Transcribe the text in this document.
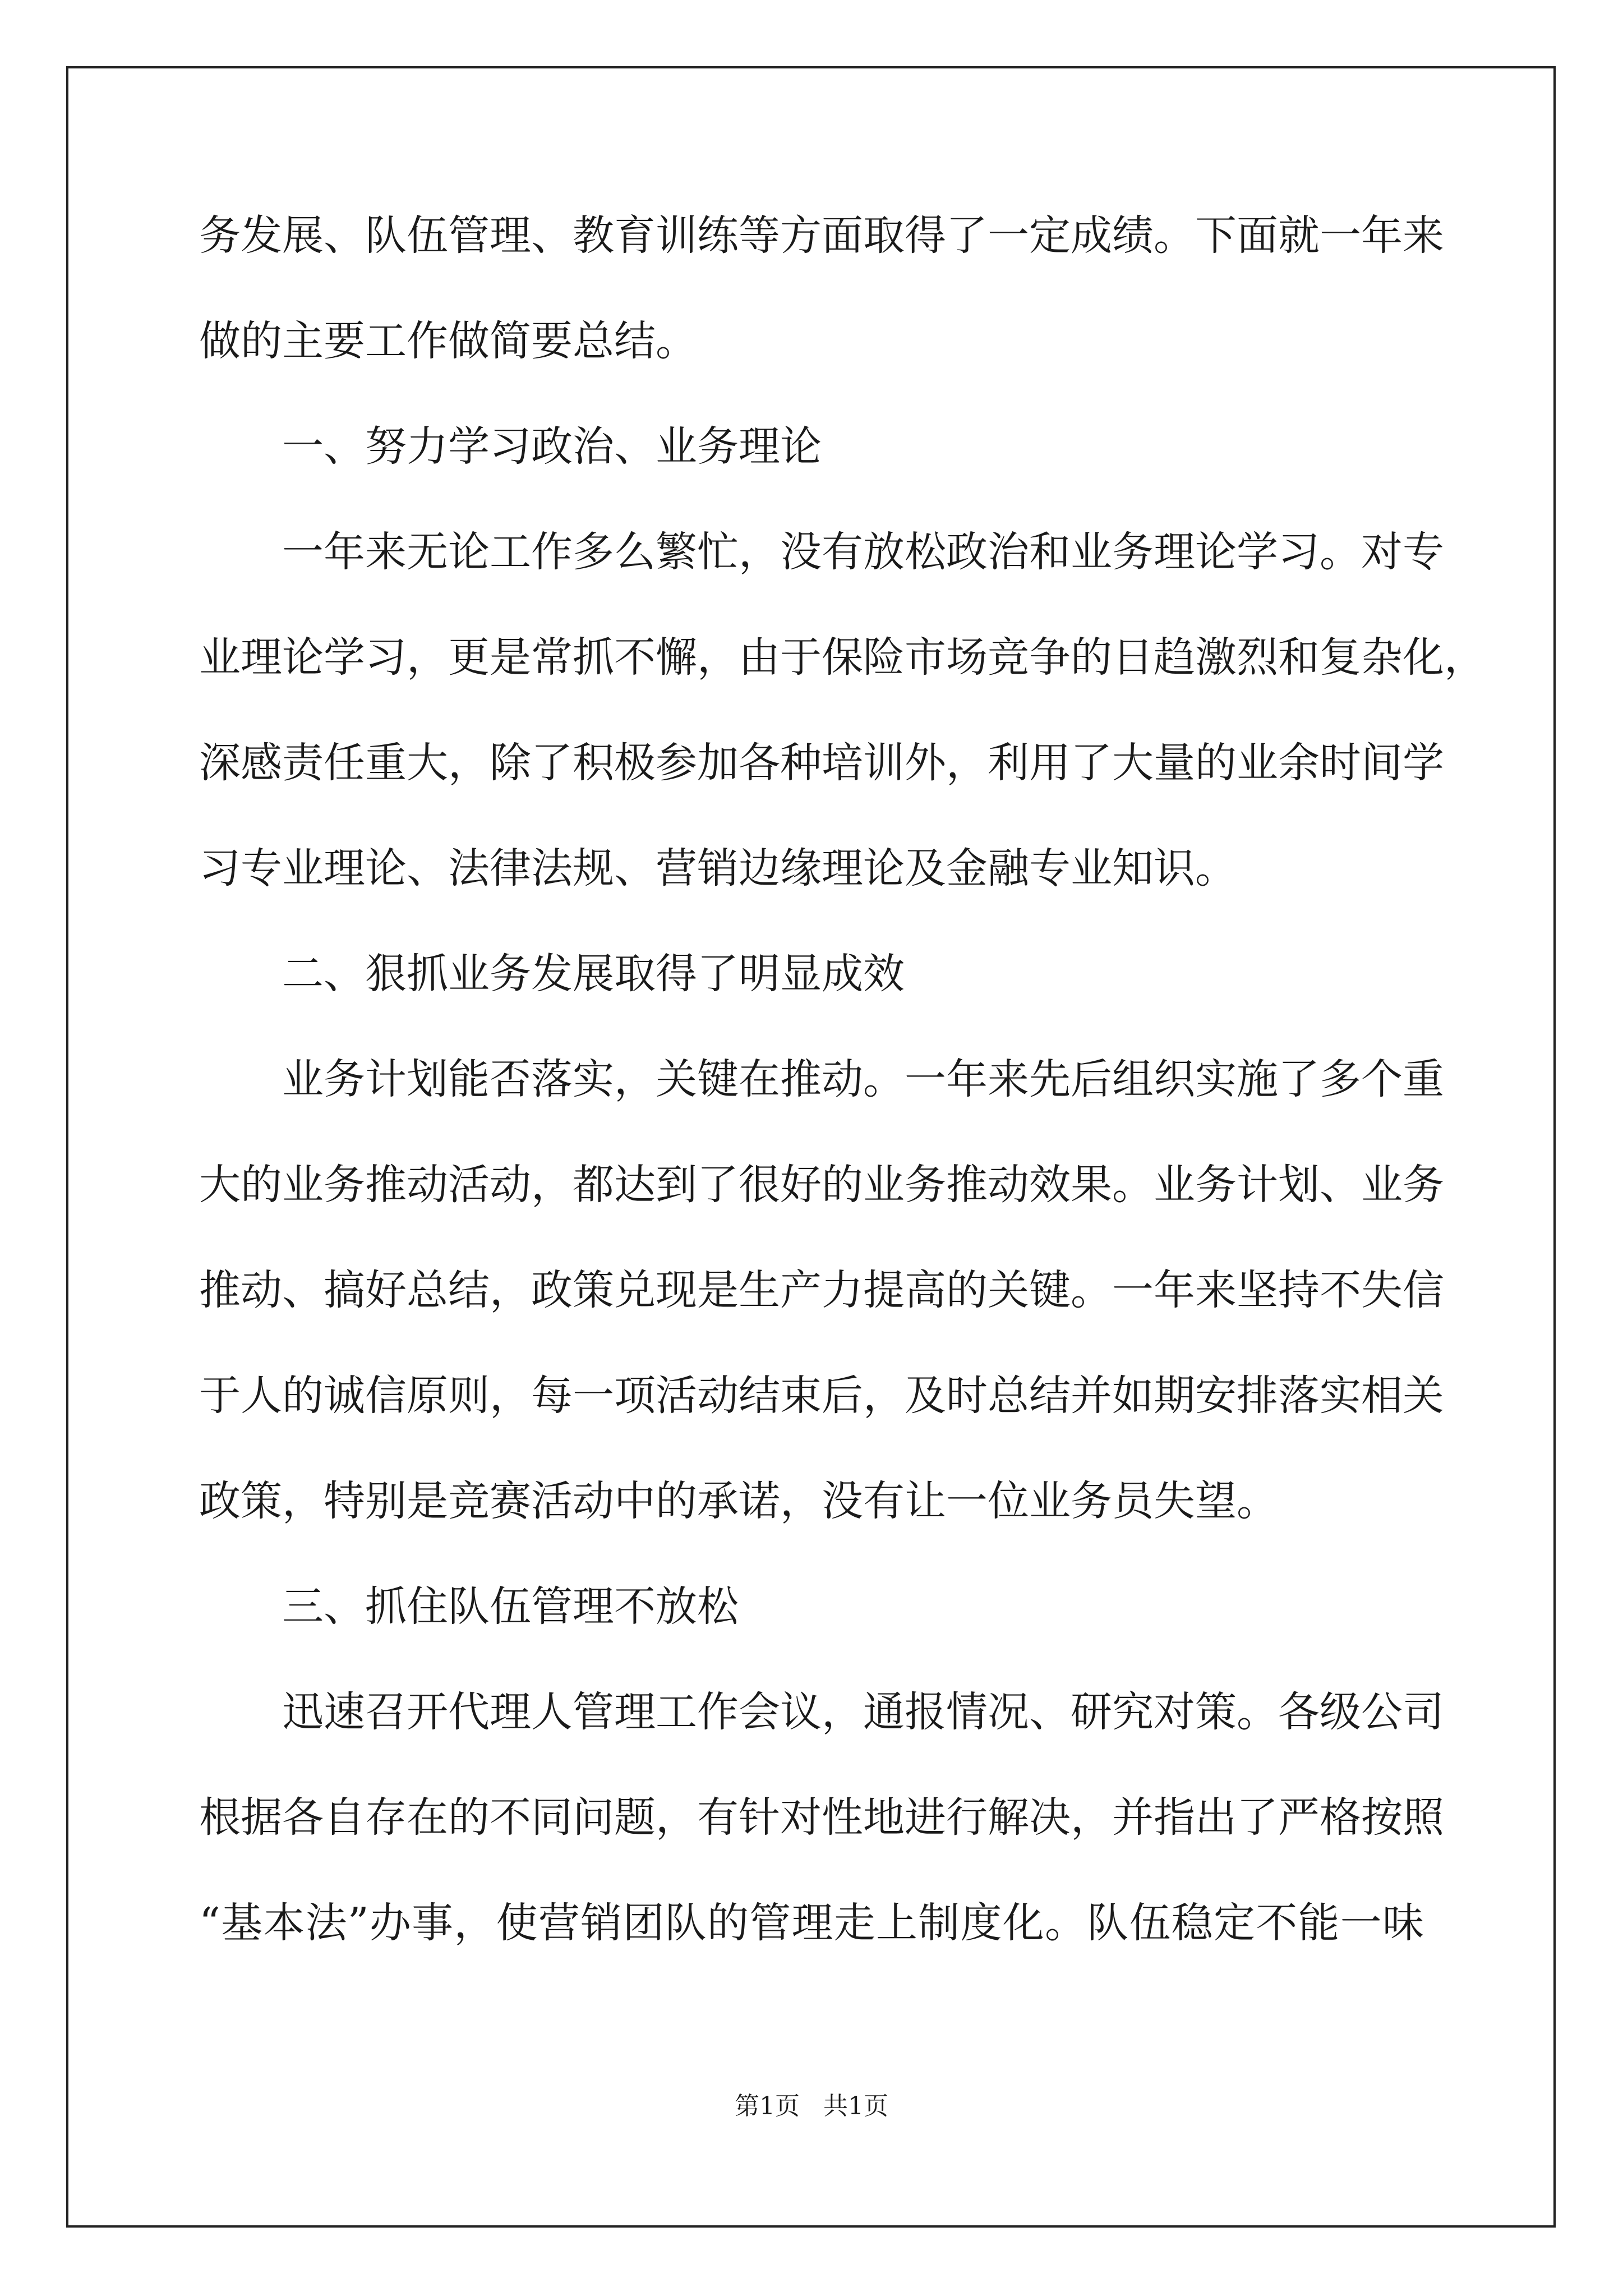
务发展、队伍管理、教育训练等方面取得了一定成绩。下面就一年来
做的主要工作做简要总结。
一、努力学习政治、业务理论
一年来无论工作多么繁忙，没有放松政治和业务理论学习。对专
业理论学习，更是常抓不懈，由于保险市场竞争的日趋激烈和复杂化，
深感责任重大，除了积极参加各种培训外，利用了大量的业余时间学
习专业理论、法律法规、营销边缘理论及金融专业知识。
二、狠抓业务发展取得了明显成效
业务计划能否落实，关键在推动。一年来先后组织实施了多个重
大的业务推动活动，都达到了很好的业务推动效果。业务计划、业务
推动、搞好总结，政策兑现是生产力提高的关键。一年来坚持不失信
于人的诚信原则，每一项活动结束后，及时总结并如期安排落实相关
政策，特别是竞赛活动中的承诺，没有让一位业务员失望。
三、抓住队伍管理不放松
迅速召开代理人管理工作会议，通报情况、研究对策。各级公司
根据各自存在的不同问题，有针对性地进行解决，并指出了严格按照
“基本法”办事，使营销团队的管理走上制度化。队伍稳定不能一味
第1页   共1页
